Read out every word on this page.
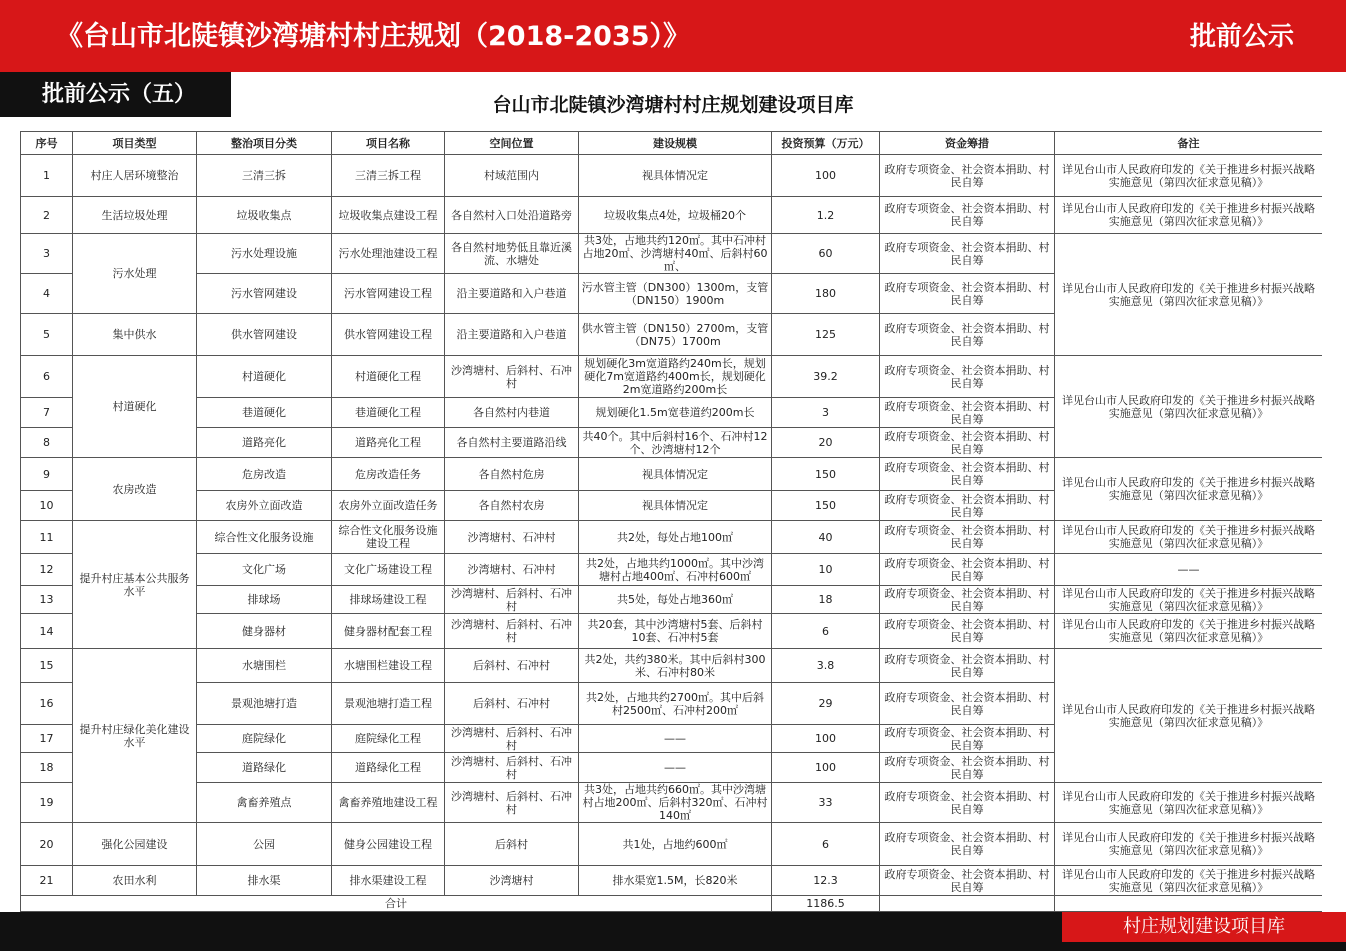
《台山市北陡镇沙湾塘村村庄规划（2018-2035）》	批前公示
批前公示（五）	台山市北陡镇沙湾塘村村庄规划建设项目库
序号	项目类型	整治项目分类	项目名称	空间位置	建设规模	投资预算（万元）	资金筹措	备注
1	村庄人居环境整治	三清三拆	三清三拆工程	村域范围内	视具体情况定	100	政府专项资金、社会资本捐助、村民自筹	详见台山市人民政府印发的《关于推进乡村振兴战略实施意见（第四次征求意见稿）》
2	生活垃圾处理	垃圾收集点	垃圾收集点建设工程	各自然村入口处沿道路旁	垃圾收集点4处，垃圾桶20个	1.2	政府专项资金、社会资本捐助、村民自筹	详见台山市人民政府印发的《关于推进乡村振兴战略实施意见（第四次征求意见稿）》
3	污水处理	污水处理设施	污水处理池建设工程	各自然村地势低且靠近溪流、水塘处	共3处，占地共约120㎡。其中石冲村占地20㎡、沙湾塘村40㎡、后斜村60㎡、	60	政府专项资金、社会资本捐助、村民自筹	详见台山市人民政府印发的《关于推进乡村振兴战略实施意见（第四次征求意见稿）》
4		污水管网建设	污水管网建设工程	沿主要道路和入户巷道	污水管主管（DN300）1300m，支管（DN150）1900m	180	政府专项资金、社会资本捐助、村民自筹	
5	集中供水	供水管网建设	供水管网建设工程	沿主要道路和入户巷道	供水管主管（DN150）2700m，支管（DN75）1700m	125	政府专项资金、社会资本捐助、村民自筹	
6	村道硬化	村道硬化	村道硬化工程	沙湾塘村、后斜村、石冲村	规划硬化3m宽道路约240m长，规划硬化7m宽道路约400m长，规划硬化2m宽道路约200m长	39.2	政府专项资金、社会资本捐助、村民自筹	详见台山市人民政府印发的《关于推进乡村振兴战略实施意见（第四次征求意见稿）》
7		巷道硬化	巷道硬化工程	各自然村内巷道	规划硬化1.5m宽巷道约200m长	3	政府专项资金、社会资本捐助、村民自筹	
8		道路亮化	道路亮化工程	各自然村主要道路沿线	共40个。其中后斜村16个、石冲村12个、沙湾塘村12个	20	政府专项资金、社会资本捐助、村民自筹	
9	农房改造	危房改造	危房改造任务	各自然村危房	视具体情况定	150	政府专项资金、社会资本捐助、村民自筹	详见台山市人民政府印发的《关于推进乡村振兴战略实施意见（第四次征求意见稿）》
10		农房外立面改造	农房外立面改造任务	各自然村农房	视具体情况定	150	政府专项资金、社会资本捐助、村民自筹	
11	提升村庄基本公共服务水平	综合性文化服务设施	综合性文化服务设施建设工程	沙湾塘村、石冲村	共2处，每处占地100㎡	40	政府专项资金、社会资本捐助、村民自筹	详见台山市人民政府印发的《关于推进乡村振兴战略实施意见（第四次征求意见稿）》
12		文化广场	文化广场建设工程	沙湾塘村、石冲村	共2处，占地共约1000㎡。其中沙湾塘村占地400㎡、石冲村600㎡	10	政府专项资金、社会资本捐助、村民自筹	——
13		排球场	排球场建设工程	沙湾塘村、后斜村、石冲村	共5处，每处占地360㎡	18	政府专项资金、社会资本捐助、村民自筹	详见台山市人民政府印发的《关于推进乡村振兴战略实施意见（第四次征求意见稿）》
14		健身器材	健身器材配套工程	沙湾塘村、后斜村、石冲村	共20套，其中沙湾塘村5套、后斜村10套、石冲村5套	6	政府专项资金、社会资本捐助、村民自筹	详见台山市人民政府印发的《关于推进乡村振兴战略实施意见（第四次征求意见稿）》
15	提升村庄绿化美化建设水平	水塘围栏	水塘围栏建设工程	后斜村、石冲村	共2处，共约380米。其中后斜村300米、石冲村80米	3.8	政府专项资金、社会资本捐助、村民自筹	详见台山市人民政府印发的《关于推进乡村振兴战略实施意见（第四次征求意见稿）》
16		景观池塘打造	景观池塘打造工程	后斜村、石冲村	共2处，占地共约2700㎡。其中后斜村2500㎡、石冲村200㎡	29	政府专项资金、社会资本捐助、村民自筹	
17		庭院绿化	庭院绿化工程	沙湾塘村、后斜村、石冲村	——	100	政府专项资金、社会资本捐助、村民自筹	
18		道路绿化	道路绿化工程	沙湾塘村、后斜村、石冲村	——	100	政府专项资金、社会资本捐助、村民自筹	
19		禽畜养殖点	禽畜养殖地建设工程	沙湾塘村、后斜村、石冲村	共3处，占地共约660㎡。其中沙湾塘村占地200㎡、后斜村320㎡、石冲村140㎡	33	政府专项资金、社会资本捐助、村民自筹	详见台山市人民政府印发的《关于推进乡村振兴战略实施意见（第四次征求意见稿）》
20	强化公园建设	公园	健身公园建设工程	后斜村	共1处，占地约600㎡	6	政府专项资金、社会资本捐助、村民自筹	详见台山市人民政府印发的《关于推进乡村振兴战略实施意见（第四次征求意见稿）》
21	农田水利	排水渠	排水渠建设工程	沙湾塘村	排水渠宽1.5M，长820米	12.3	政府专项资金、社会资本捐助、村民自筹	详见台山市人民政府印发的《关于推进乡村振兴战略实施意见（第四次征求意见稿）》
合计						1186.5		
村庄规划建设项目库
